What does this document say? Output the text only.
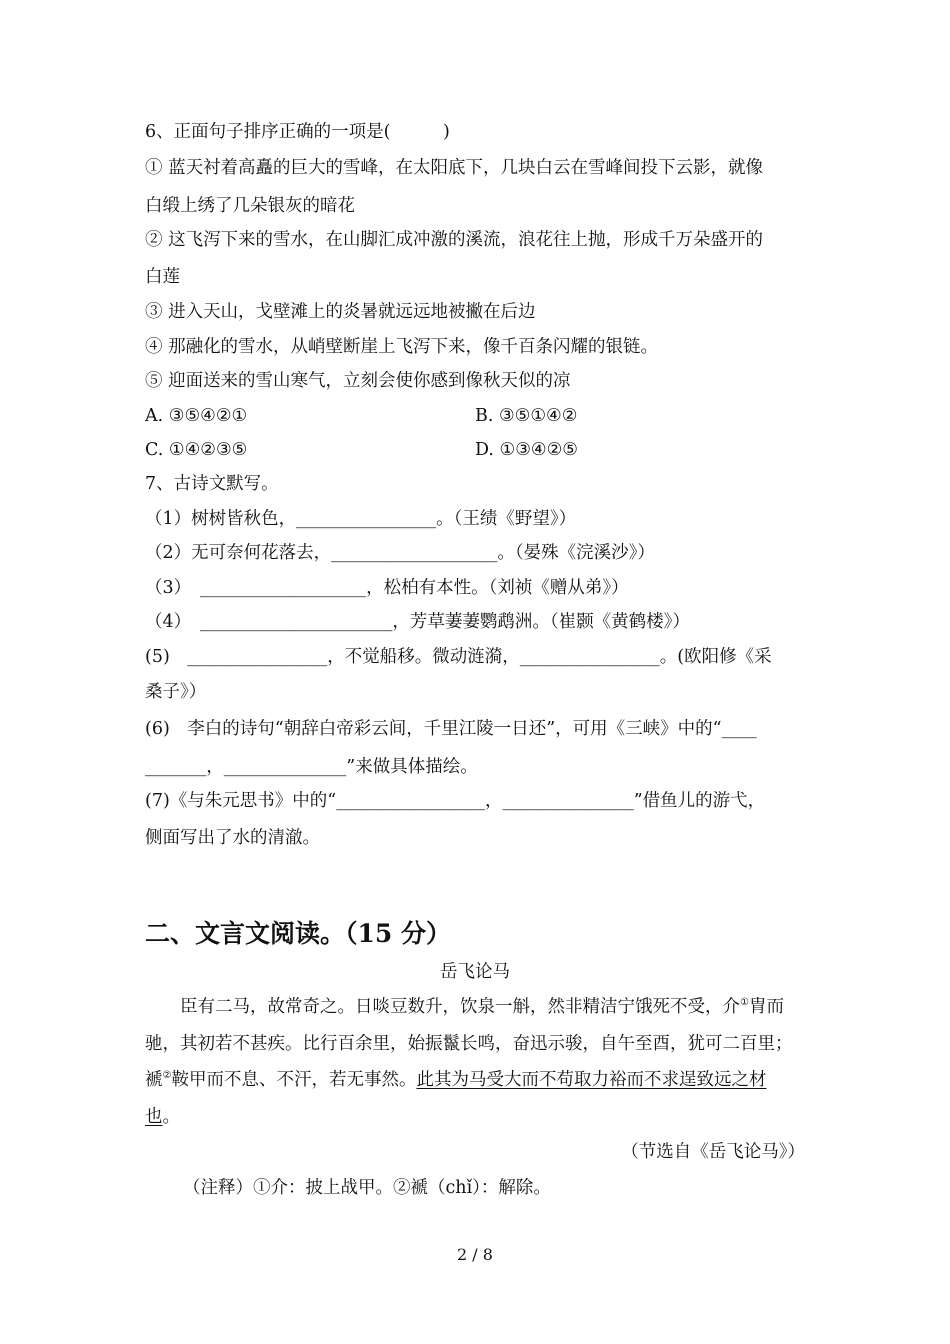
6、正面句子排序正确的一项是(　　　)
① 蓝天衬着高矗的巨大的雪峰，在太阳底下，几块白云在雪峰间投下云影，就像
白缎上绣了几朵银灰的暗花
② 这飞泻下来的雪水，在山脚汇成冲激的溪流，浪花往上抛，形成千万朵盛开的
白莲
③ 进入天山，戈壁滩上的炎暑就远远地被撇在后边
④ 那融化的雪水，从峭壁断崖上飞泻下来，像千百条闪耀的银链。
⑤ 迎面送来的雪山寒气，立刻会使你感到像秋天似的凉
A. ③⑤④②①	B. ③⑤①④②
C. ①④②③⑤	D. ①③④②⑤
7、古诗文默写。
（1）树树皆秋色，________________。（王绩《野望》）
（2）无可奈何花落去，___________________。（晏殊《浣溪沙》）
（3）　___________________，松柏有本性。（刘祯《赠从弟》）
（4）　______________________，芳草萋萋鹦鹉洲。（崔颢《黄鹤楼》）
(5)　________________，不觉船移。微动涟漪，________________。(欧阳修《采
桑子》）
(6)　李白的诗句“朝辞白帝彩云间，千里江陵一日还”，可用《三峡》中的“____
_______，______________”来做具体描绘。
(7)《与朱元思书》中的“_________________，_______________”借鱼儿的游弋，
侧面写出了水的清澈。
二、文言文阅读。（15 分）
岳飞论马
　　臣有二马，故常奇之。日啖豆数升，饮泉一斛，然非精洁宁饿死不受，介①胄而
驰，其初若不甚疾。比行百余里，始振鬣长鸣，奋迅示骏，自午至酉，犹可二百里；
褫②鞍甲而不息、不汗，若无事然。此其为马受大而不苟取力裕而不求逞致远之材
也。
（节选自《岳飞论马》）
（注释）①介：披上战甲。②褫（chǐ）：解除。
2 / 8
